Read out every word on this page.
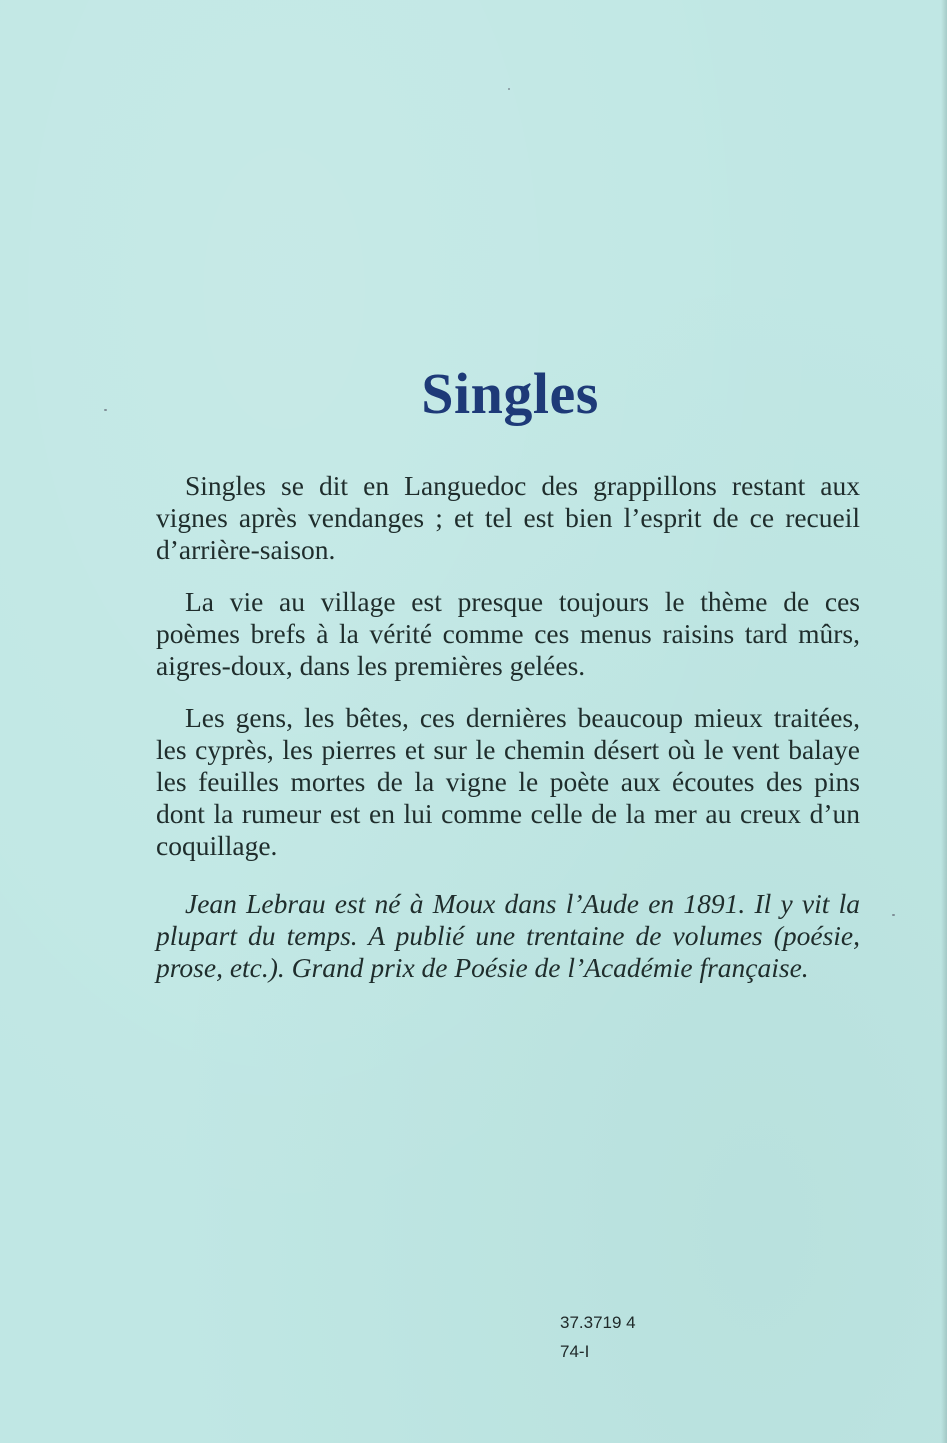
Singles

Singles se dit en Languedoc des grappillons restant aux vignes après vendanges ; et tel est bien l’esprit de ce recueil d’arrière-saison.

La vie au village est presque toujours le thème de ces poèmes brefs à la vérité comme ces menus raisins tard mûrs, aigres-doux, dans les premières gelées.

Les gens, les bêtes, ces dernières beaucoup mieux traitées, les cyprès, les pierres et sur le chemin désert où le vent balaye les feuilles mortes de la vigne le poète aux écoutes des pins dont la rumeur est en lui comme celle de la mer au creux d’un coquillage.

Jean Lebrau est né à Moux dans l’Aude en 1891. Il y vit la plupart du temps. A publié une trentaine de volumes (poésie, prose, etc.). Grand prix de Poésie de l’Académie française.

37.3719 4
74-I
